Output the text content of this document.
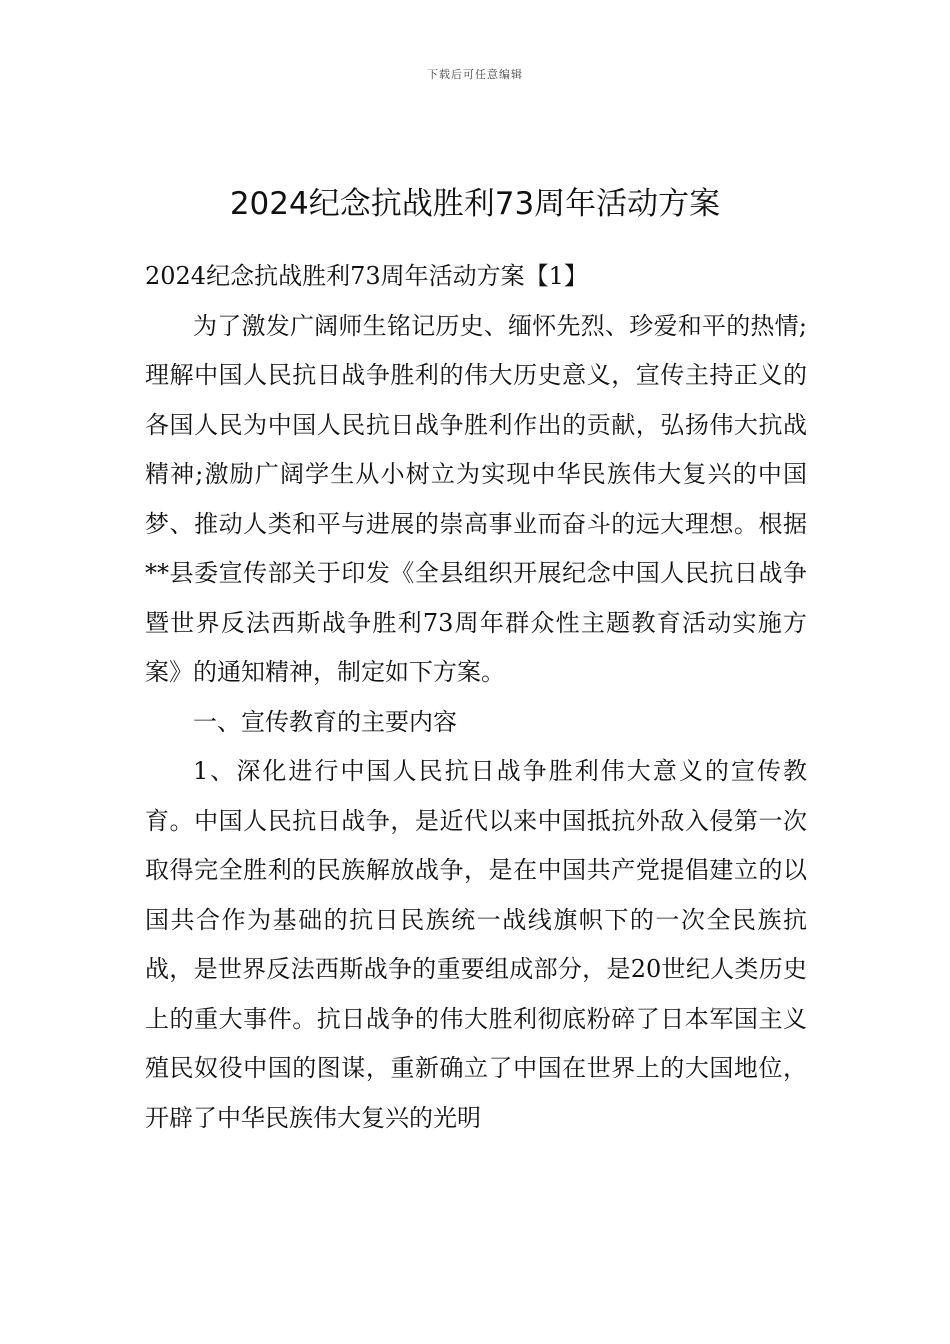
下载后可任意编辑
2024纪念抗战胜利73周年活动方案

2024纪念抗战胜利73周年活动方案【1】

为了激发广阔师生铭记历史、缅怀先烈、珍爱和平的热情;理解中国人民抗日战争胜利的伟大历史意义，宣传主持正义的各国人民为中国人民抗日战争胜利作出的贡献，弘扬伟大抗战精神;激励广阔学生从小树立为实现中华民族伟大复兴的中国梦、推动人类和平与进展的崇高事业而奋斗的远大理想。根据**县委宣传部关于印发《全县组织开展纪念中国人民抗日战争暨世界反法西斯战争胜利73周年群众性主题教育活动实施方案》的通知精神，制定如下方案。

一、宣传教育的主要内容

1、深化进行中国人民抗日战争胜利伟大意义的宣传教育。中国人民抗日战争，是近代以来中国抵抗外敌入侵第一次取得完全胜利的民族解放战争，是在中国共产党提倡建立的以国共合作为基础的抗日民族统一战线旗帜下的一次全民族抗战，是世界反法西斯战争的重要组成部分，是20世纪人类历史上的重大事件。抗日战争的伟大胜利彻底粉碎了日本军国主义殖民奴役中国的图谋，重新确立了中国在世界上的大国地位，开辟了中华民族伟大复兴的光明
